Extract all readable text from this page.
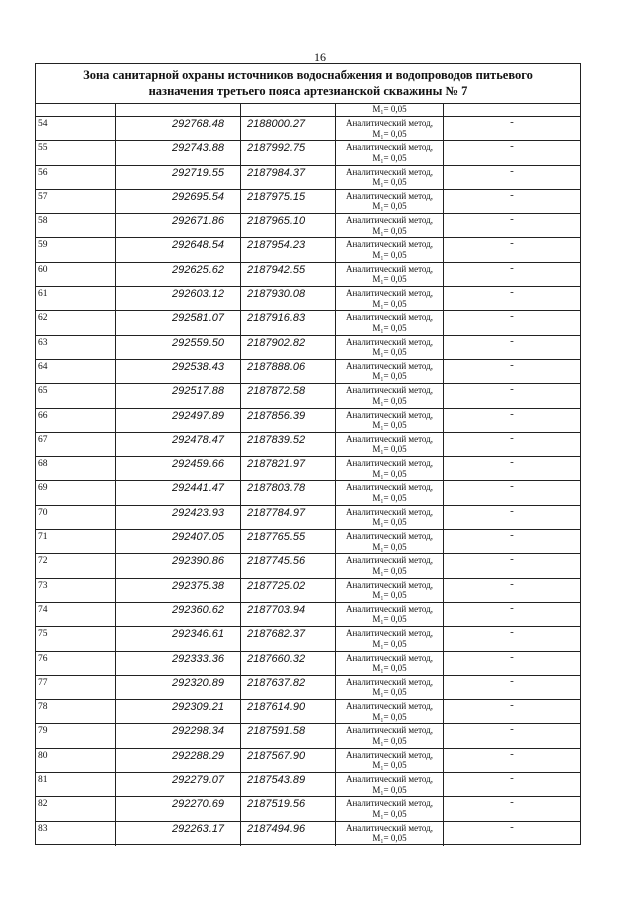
16
Зона санитарной охраны источников водоснабжения и водопроводов питьевого
назначения третьего пояса артезианской скважины № 7
M₁= 0,05
54	292768.48 2188000.27	Аналитический метод,
M₁= 0,05
-
55	292743.88 2187992.75	Аналитический метод,
M₁= 0,05
-
56	292719.55 2187984.37	Аналитический метод,
M₁= 0,05
-
57	292695.54 2187975.15	Аналитический метод,
M₁= 0,05
-
58	292671.86 2187965.10	Аналитический метод,
M₁= 0,05
-
59	292648.54 2187954.23	Аналитический метод,
M₁= 0,05
-
60	292625.62 2187942.55	Аналитический метод,
M₁= 0,05
-
61	292603.12 2187930.08	Аналитический метод,
M₁= 0,05
-
62	292581.07 2187916.83	Аналитический метод,
M₁= 0,05
-
63	292559.50 2187902.82	Аналитический метод,
M₁= 0,05
-
64	292538.43 2187888.06	Аналитический метод,
M₁= 0,05
-
65	292517.88 2187872.58	Аналитический метод,
M₁= 0,05
-
66	292497.89 2187856.39	Аналитический метод,
M₁= 0,05
-
67	292478.47 2187839.52	Аналитический метод,
M₁= 0,05
-
68	292459.66 2187821.97	Аналитический метод,
M₁= 0,05
-
69	292441.47 2187803.78	Аналитический метод,
M₁= 0,05
-
70	292423.93 2187784.97	Аналитический метод,
M₁= 0,05
-
71	292407.05 2187765.55	Аналитический метод,
M₁= 0,05
-
72	292390.86 2187745.56	Аналитический метод,
M₁= 0,05
-
73	292375.38 2187725.02	Аналитический метод,
M₁= 0,05
-
74	292360.62 2187703.94	Аналитический метод,
M₁= 0,05
-
75	292346.61 2187682.37	Аналитический метод,
M₁= 0,05
-
76	292333.36 2187660.32	Аналитический метод,
M₁= 0,05
-
77	292320.89 2187637.82	Аналитический метод,
M₁= 0,05
-
78	292309.21 2187614.90	Аналитический метод,
M₁= 0,05
-
79	292298.34 2187591.58	Аналитический метод,
M₁= 0,05
-
80	292288.29 2187567.90	Аналитический метод,
M₁= 0,05
-
81	292279.07 2187543.89	Аналитический метод,
M₁= 0,05
-
82	292270.69 2187519.56	Аналитический метод,
M₁= 0,05
-
83	292263.17 2187494.96	Аналитический метод,
M₁= 0,05
-
